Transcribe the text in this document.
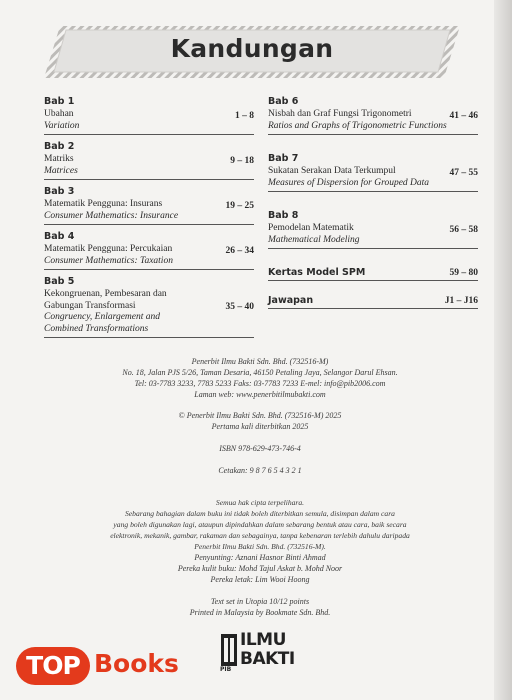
Kandungan
Bab 1
Ubahan	1 – 8
Variation
Bab 2
Matriks	9 – 18
Matrices
Bab 3
Matematik Pengguna: Insurans	19 – 25
Consumer Mathematics: Insurance
Bab 4
Matematik Pengguna: Percukaian	26 – 34
Consumer Mathematics: Taxation
Bab 5
Kekongruenan, Pembesaran dan
Gabungan Transformasi	35 – 40
Congruency, Enlargement and
Combined Transformations
Bab 6
Nisbah dan Graf Fungsi Trigonometri	41 – 46
Ratios and Graphs of Trigonometric Functions
Bab 7
Sukatan Serakan Data Terkumpul	47 – 55
Measures of Dispersion for Grouped Data
Bab 8
Pemodelan Matematik	56 – 58
Mathematical Modeling
Kertas Model SPM	59 – 80
Jawapan	J1 – J16

Penerbit Ilmu Bakti Sdn. Bhd. (732516-M)

No. 18, Jalan PJS 5/26, Taman Desaria, 46150 Petaling Jaya, Selangor Darul Ehsan.

Tel: 03-7783 3233, 7783 5233 Faks: 03-7783 7233 E-mel: info@pib2006.com

Laman web: www.penerbitilmubakti.com

© Penerbit Ilmu Bakti Sdn. Bhd. (732516-M) 2025

Pertama kali diterbitkan 2025

ISBN 978-629-473-746-4
Cetakan: 9 8 7 6 5 4 3 2 1

Semua hak cipta terpelihara.

Sebarang bahagian dalam buku ini tidak boleh diterbitkan semula, disimpan dalam cara

yang boleh digunakan lagi, ataupun dipindahkan dalam sebarang bentuk atau cara, baik secara

elektronik, mekanik, gambar, rakaman dan sebagainya, tanpa kebenaran terlebih dahulu daripada

Penerbit Ilmu Bakti Sdn. Bhd. (732516-M).

Penyunting: Aznani Hasnor Binti Ahmad

Pereka kulit buku: Mohd Tajul Askat b. Mohd Noor

Pereka letak: Lim Wooi Hoong

Text set in Utopia 10/12 points

Printed in Malaysia by Bookmate Sdn. Bhd.

ILMU
BAKTI
PIB
TOP Books
